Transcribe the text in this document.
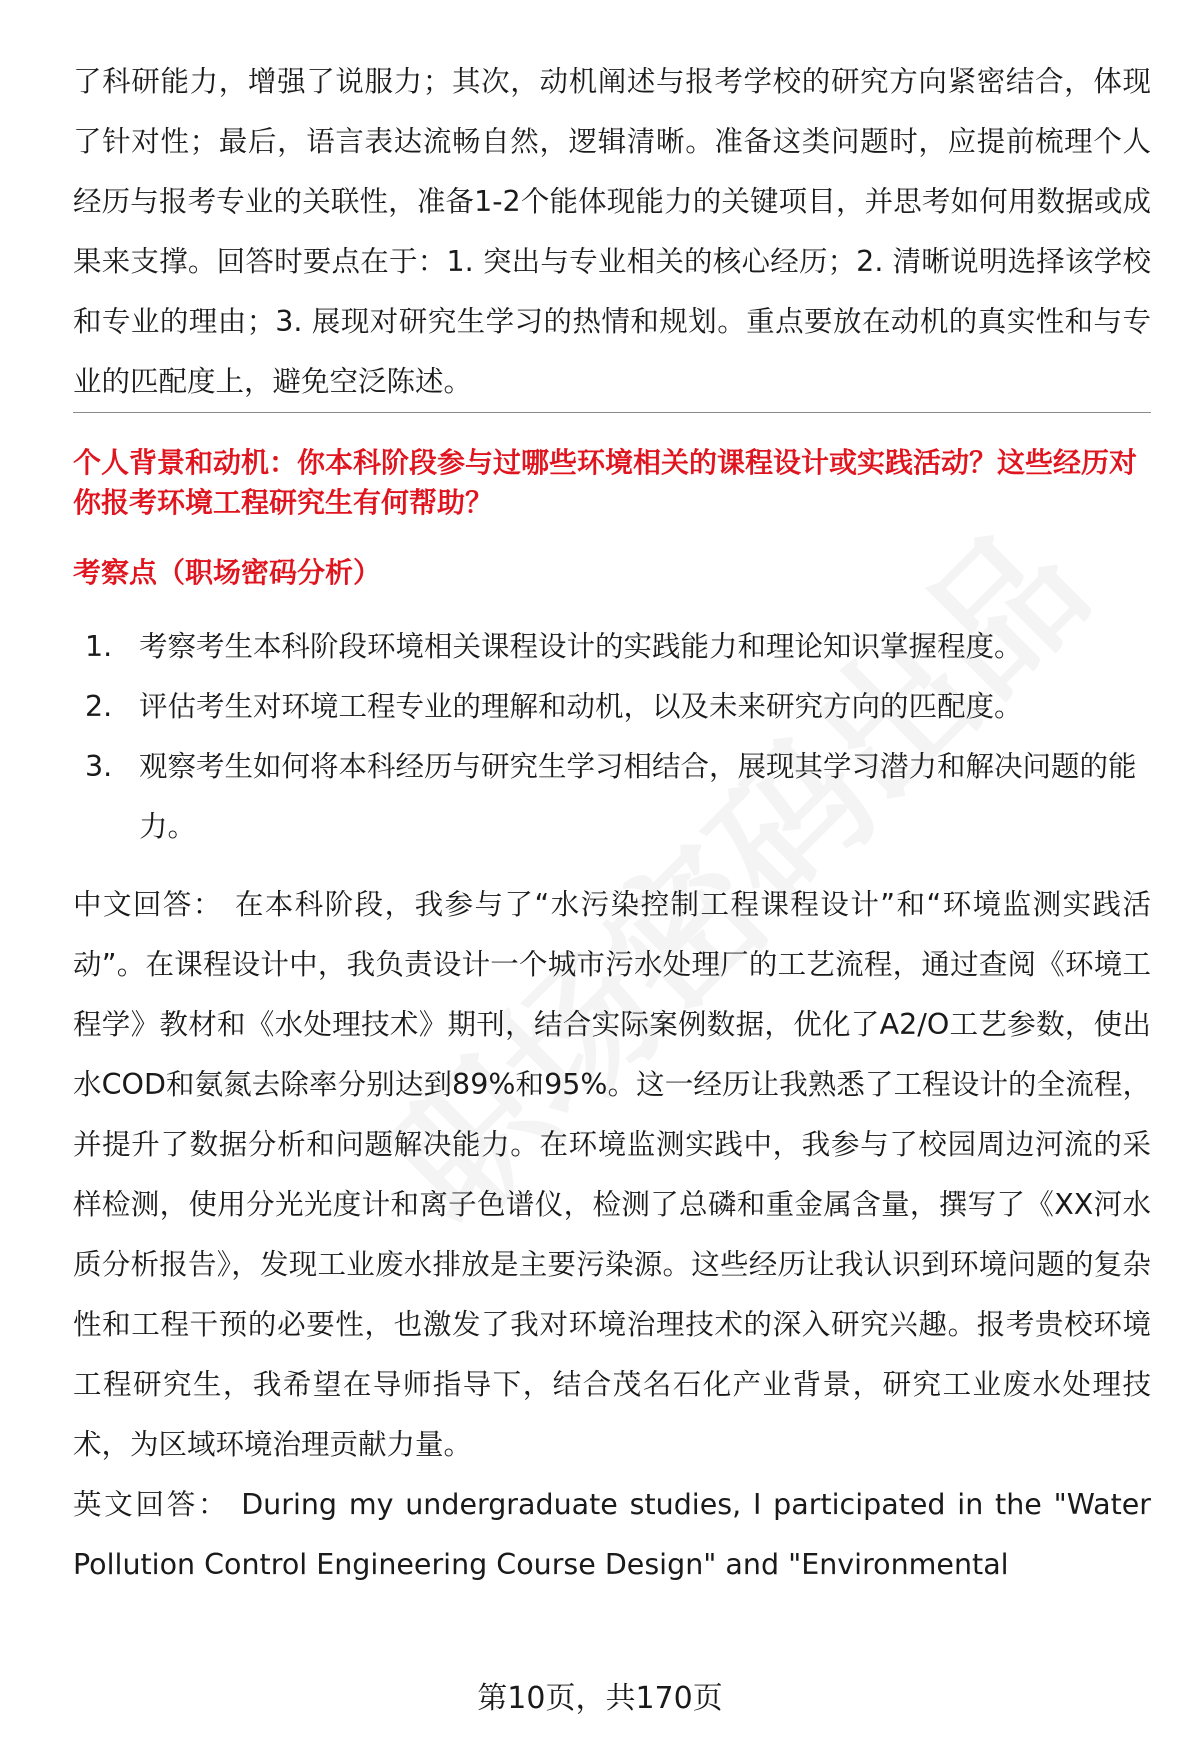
了科研能力，增强了说服力；其次，动机阐述与报考学校的研究方向紧密结合，体现了针对性；最后，语言表达流畅自然，逻辑清晰。准备这类问题时，应提前梳理个人经历与报考专业的关联性，准备1-2个能体现能力的关键项目，并思考如何用数据或成果来支撑。回答时要点在于：1. 突出与专业相关的核心经历；2. 清晰说明选择该学校和专业的理由；3. 展现对研究生学习的热情和规划。重点要放在动机的真实性和与专业的匹配度上，避免空泛陈述。

个人背景和动机：你本科阶段参与过哪些环境相关的课程设计或实践活动？这些经历对你报考环境工程研究生有何帮助？
考察点（职场密码分析）
1. 考察考生本科阶段环境相关课程设计的实践能力和理论知识掌握程度。
2. 评估考生对环境工程专业的理解和动机，以及未来研究方向的匹配度。
3. 观察考生如何将本科经历与研究生学习相结合，展现其学习潜力和解决问题的能力。

中文回答： 在本科阶段，我参与了“水污染控制工程课程设计”和“环境监测实践活动”。在课程设计中，我负责设计一个城市污水处理厂的工艺流程，通过查阅《环境工程学》教材和《水处理技术》期刊，结合实际案例数据，优化了A2/O工艺参数，使出水COD和氨氮去除率分别达到89%和95%。这一经历让我熟悉了工程设计的全流程，并提升了数据分析和问题解决能力。在环境监测实践中，我参与了校园周边河流的采样检测，使用分光光度计和离子色谱仪，检测了总磷和重金属含量，撰写了《XX河水质分析报告》，发现工业废水排放是主要污染源。这些经历让我认识到环境问题的复杂性和工程干预的必要性，也激发了我对环境治理技术的深入研究兴趣。报考贵校环境工程研究生，我希望在导师指导下，结合茂名石化产业背景，研究工业废水处理技术，为区域环境治理贡献力量。

英文回答： During my undergraduate studies, I participated in the "Water Pollution Control Engineering Course Design" and "Environmental

第10页，共170页
